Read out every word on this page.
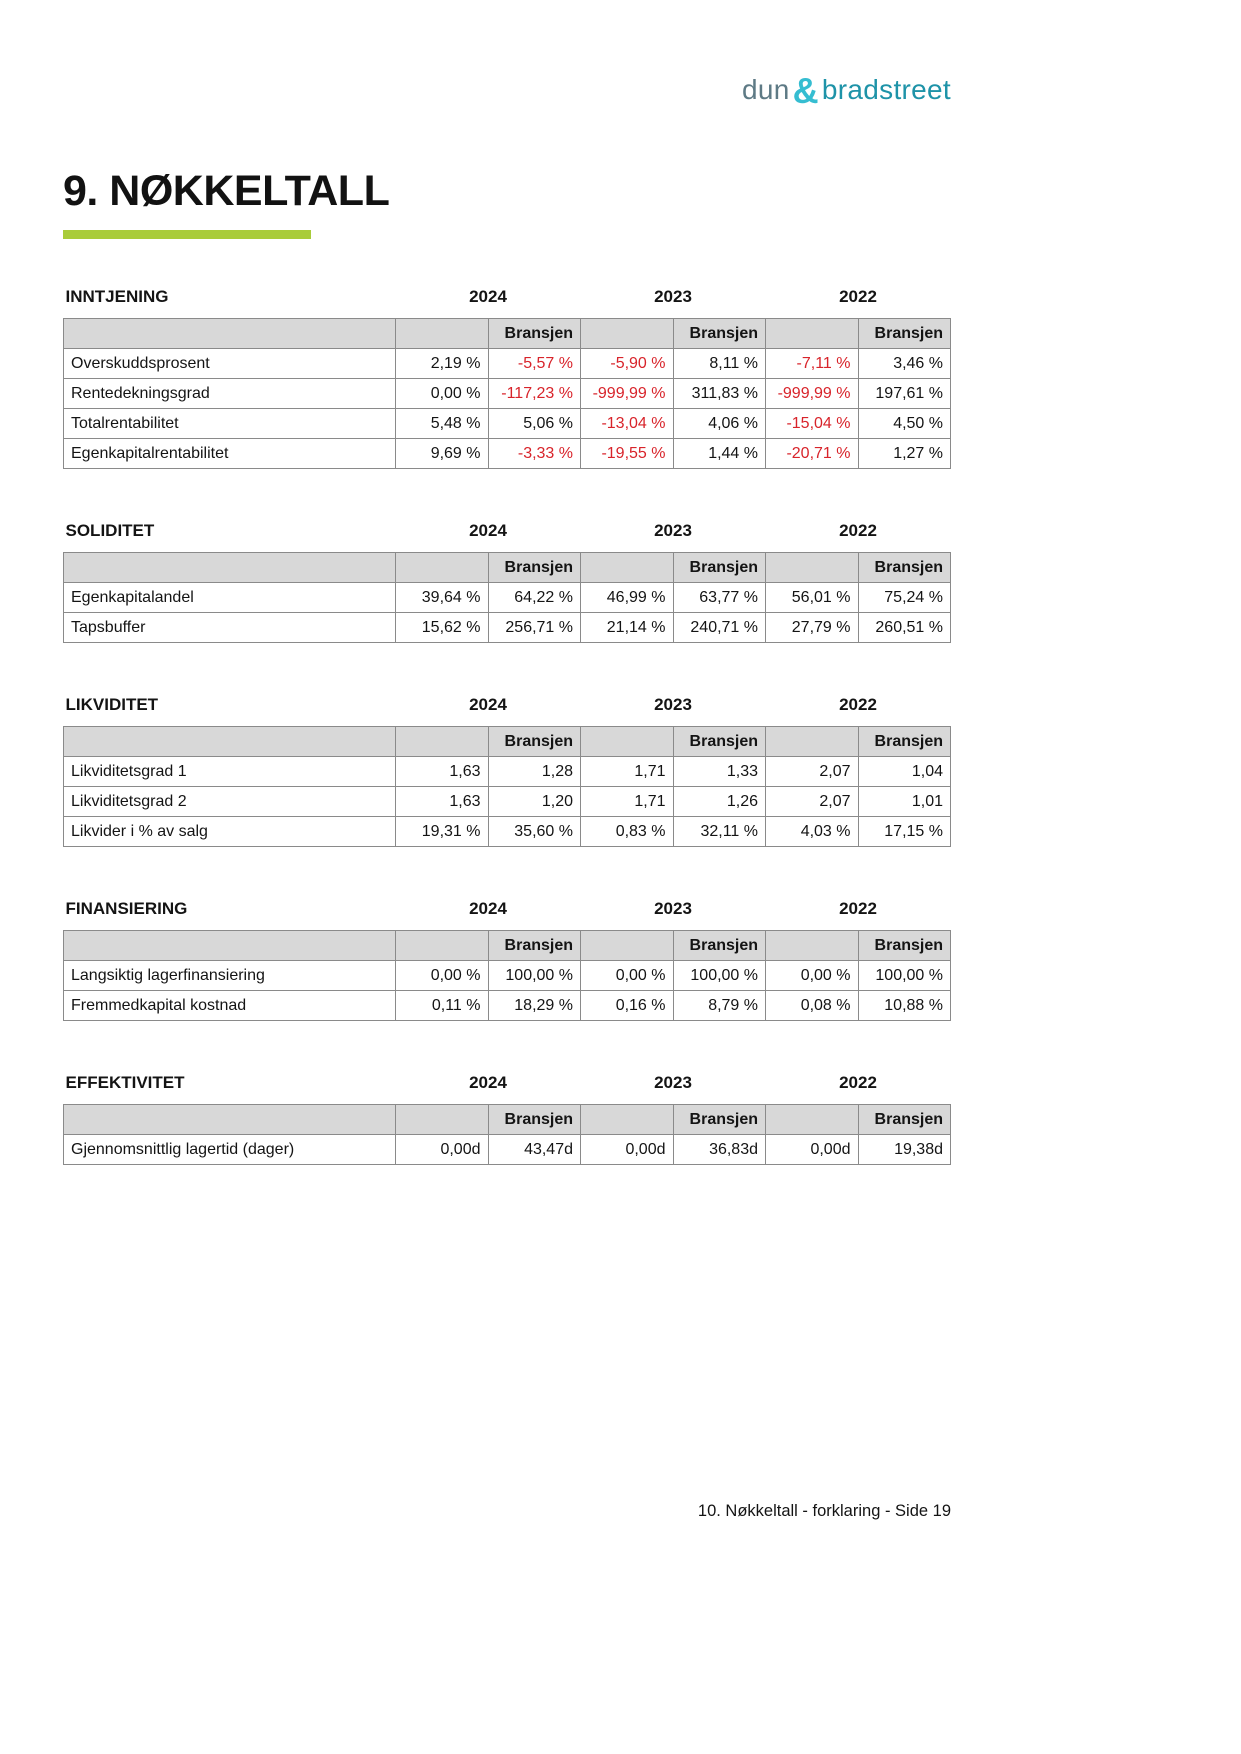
dun& bradstreet
9. NØKKELTALL
INNTJENING	2024		2023		2022	
		Bransjen		Bransjen		Bransjen
Overskuddsprosent	2,19 %	-5,57 %	-5,90 %	8,11 %	-7,11 %	3,46 %
Rentedekningsgrad	0,00 %	-117,23 %	-999,99 %	311,83 %	-999,99 %	197,61 %
Totalrentabilitet	5,48 %	5,06 %	-13,04 %	4,06 %	-15,04 %	4,50 %
Egenkapitalrentabilitet	9,69 %	-3,33 %	-19,55 %	1,44 %	-20,71 %	1,27 %
SOLIDITET	2024		2023		2022	
		Bransjen		Bransjen		Bransjen
Egenkapitalandel	39,64 %	64,22 %	46,99 %	63,77 %	56,01 %	75,24 %
Tapsbuffer	15,62 %	256,71 %	21,14 %	240,71 %	27,79 %	260,51 %
LIKVIDITET	2024		2023		2022	
		Bransjen		Bransjen		Bransjen
Likviditetsgrad 1	1,63	1,28	1,71	1,33	2,07	1,04
Likviditetsgrad 2	1,63	1,20	1,71	1,26	2,07	1,01
Likvider i % av salg	19,31 %	35,60 %	0,83 %	32,11 %	4,03 %	17,15 %
FINANSIERING	2024		2023		2022	
		Bransjen		Bransjen		Bransjen
Langsiktig lagerfinansiering	0,00 %	100,00 %	0,00 %	100,00 %	0,00 %	100,00 %
Fremmedkapital kostnad	0,11 %	18,29 %	0,16 %	8,79 %	0,08 %	10,88 %
EFFEKTIVITET	2024		2023		2022	
		Bransjen		Bransjen		Bransjen
Gjennomsnittlig lagertid (dager)	0,00d	43,47d	0,00d	36,83d	0,00d	19,38d
10. Nøkkeltall - forklaring - Side 19
